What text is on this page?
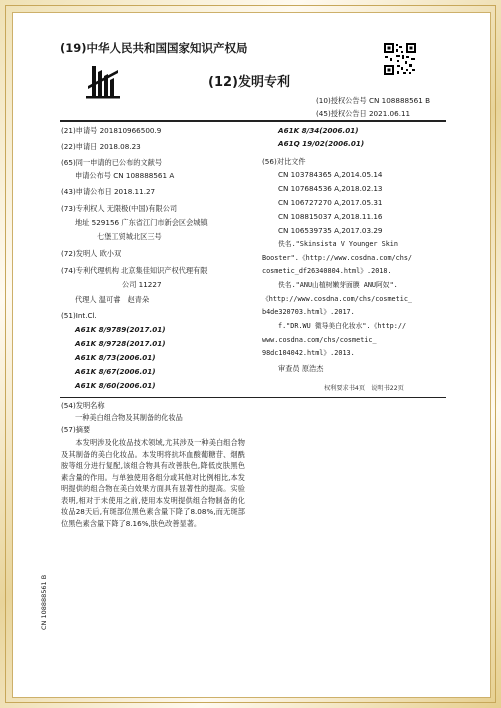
(19)中华人民共和国国家知识产权局
(12)发明专利
(10)授权公告号 CN 108888561 B
(45)授权公告日 2021.06.11
(21)申请号 201810966500.9
(22)申请日 2018.08.23
(65)同一申请的已公布的文献号
申请公布号 CN 108888561 A
(43)申请公布日 2018.11.27
(73)专利权人 无限极(中国)有限公司
地址 529156 广东省江门市新会区会城镇
七堡工贸城北区三号
(72)发明人 欧小双
(74)专利代理机构 北京集佳知识产权代理有限
公司 11227
代理人 温可睿　赵青朵
(51)Int.Cl.
A61K 8/9789(2017.01)
A61K 8/9728(2017.01)
A61K 8/73(2006.01)
A61K 8/67(2006.01)
A61K 8/60(2006.01)
A61K 8/34(2006.01)
A61Q 19/02(2006.01)
(56)对比文件
CN 103784365 A,2014.05.14
CN 107684536 A,2018.02.13
CN 106727270 A,2017.05.31
CN 108815037 A,2018.11.16
CN 106539735 A,2017.03.29
佚名."Skinsista V Younger Skin
Booster".《http://www.cosdna.com/chs/
cosmetic_df26340804.html》.2018.
佚名."ANU山植树嫩芽面膜 ANU阿奴".
《http://www.cosdna.com/chs/cosmetic_
b4de320703.html》.2017.
f."DR.WU 微导美白化妆水".《http://
www.cosdna.com/chs/cosmetic_
98dc104042.html》.2013.
审查员 原浩杰
权利要求书4页　说明书22页
(54)发明名称
一种美白组合物及其制备的化妆品
(57)摘要
本发明涉及化妆品技术领域,尤其涉及一种美白组合物及其制备的美白化妆品。本发明将抗坏血酸葡糖苷、烟酰胺等组分进行复配,该组合物具有改善肤色,降低皮肤黑色素含量的作用。与单独使用各组分或其他对比例相比,本发明提供的组合物在美白效果方面具有显著性的提高。实验表明,相对于未使用之前,使用本发明提供组合物制备的化妆品28天后,有斑部位黑色素含量下降了8.08%,而无斑部位黑色素含量下降了8.16%,肤色改善显著。
CN 108888561 B
